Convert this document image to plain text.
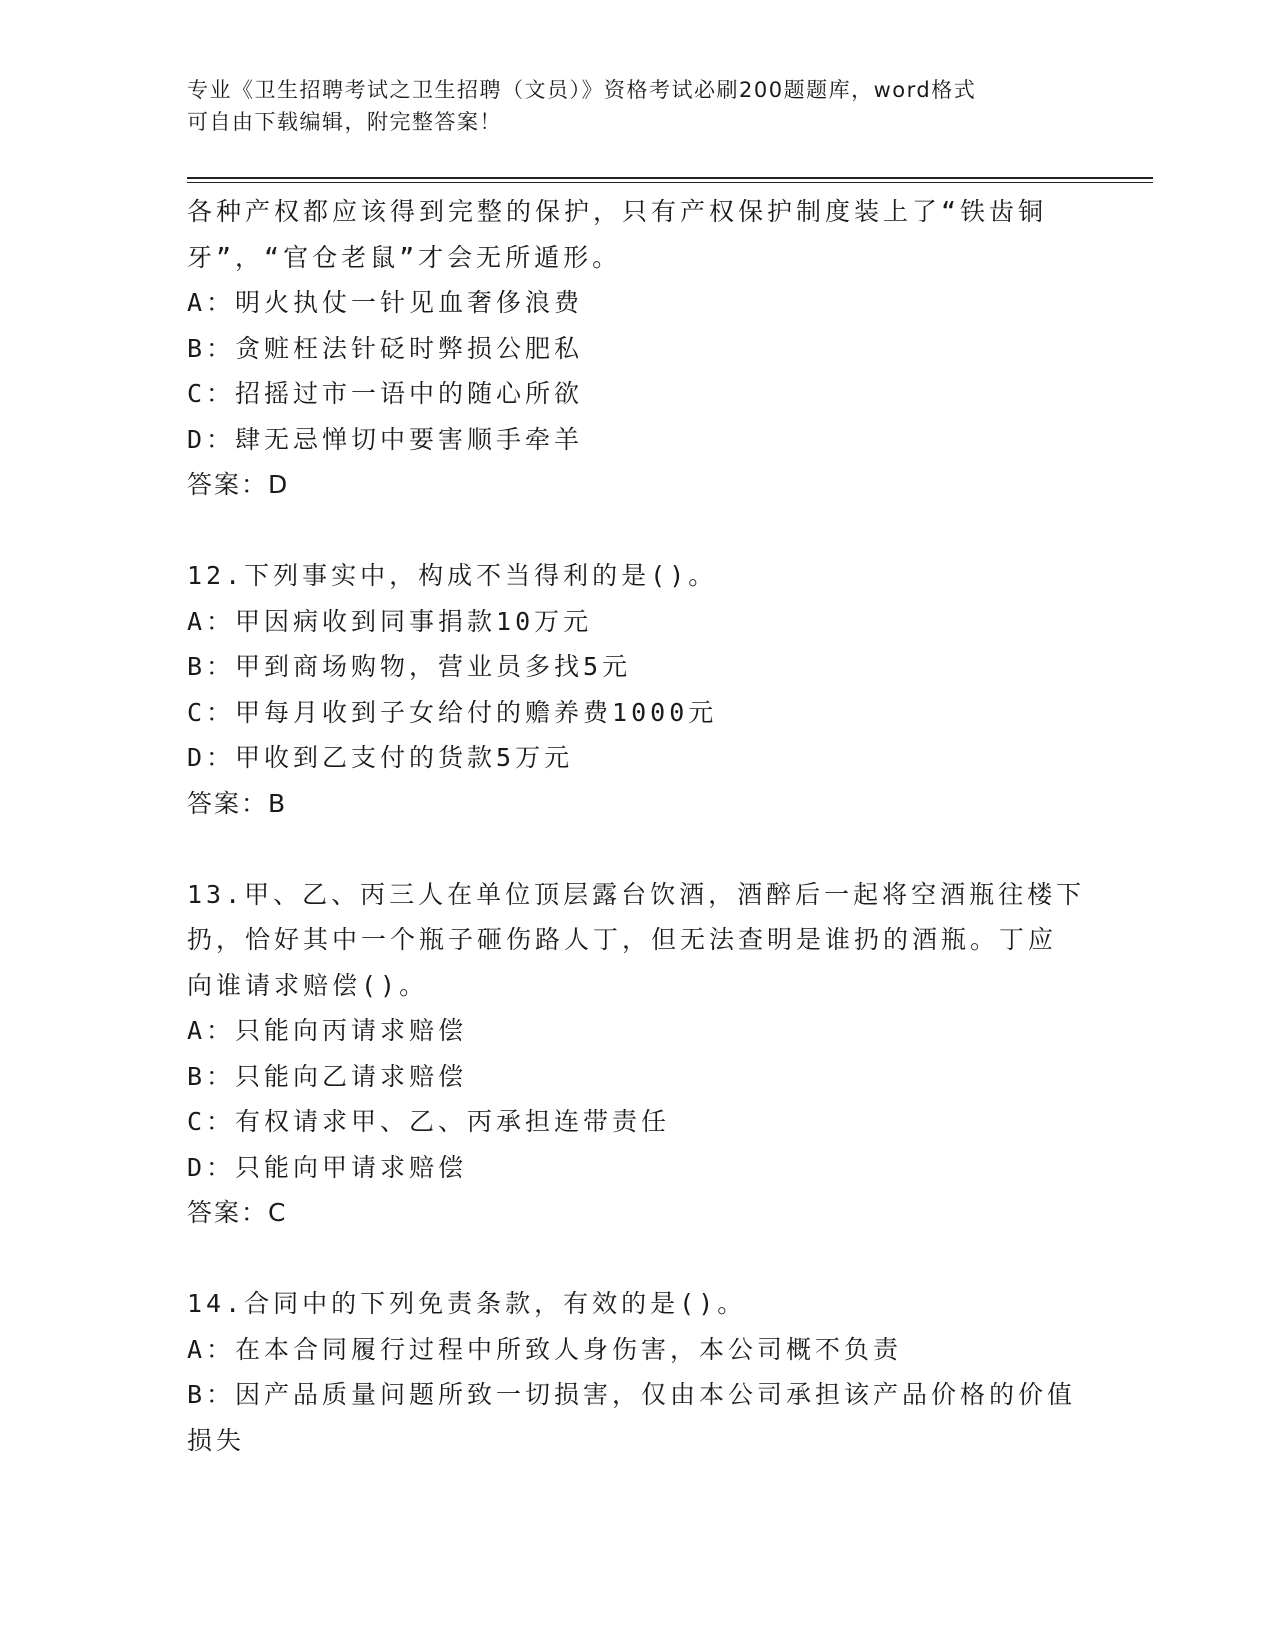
专业《卫生招聘考试之卫生招聘（文员）》资格考试必刷200题题库，word格式
可自由下载编辑，附完整答案！

各种产权都应该得到完整的保护，只有产权保护制度装上了“铁齿铜

牙”，“官仓老鼠”才会无所遁形。

A：明火执仗一针见血奢侈浪费

B：贪赃枉法针砭时弊损公肥私

C：招摇过市一语中的随心所欲

D：肆无忌惮切中要害顺手牵羊

答案：D

12.下列事实中，构成不当得利的是()。

A：甲因病收到同事捐款10万元

B：甲到商场购物，营业员多找5元

C：甲每月收到子女给付的赡养费1000元

D：甲收到乙支付的货款5万元

答案：B

13.甲、乙、丙三人在单位顶层露台饮酒，酒醉后一起将空酒瓶往楼下

扔，恰好其中一个瓶子砸伤路人丁，但无法查明是谁扔的酒瓶。丁应

向谁请求赔偿()。

A：只能向丙请求赔偿

B：只能向乙请求赔偿

C：有权请求甲、乙、丙承担连带责任

D：只能向甲请求赔偿

答案：C

14.合同中的下列免责条款，有效的是()。

A：在本合同履行过程中所致人身伤害，本公司概不负责

B：因产品质量问题所致一切损害，仅由本公司承担该产品价格的价值

损失
